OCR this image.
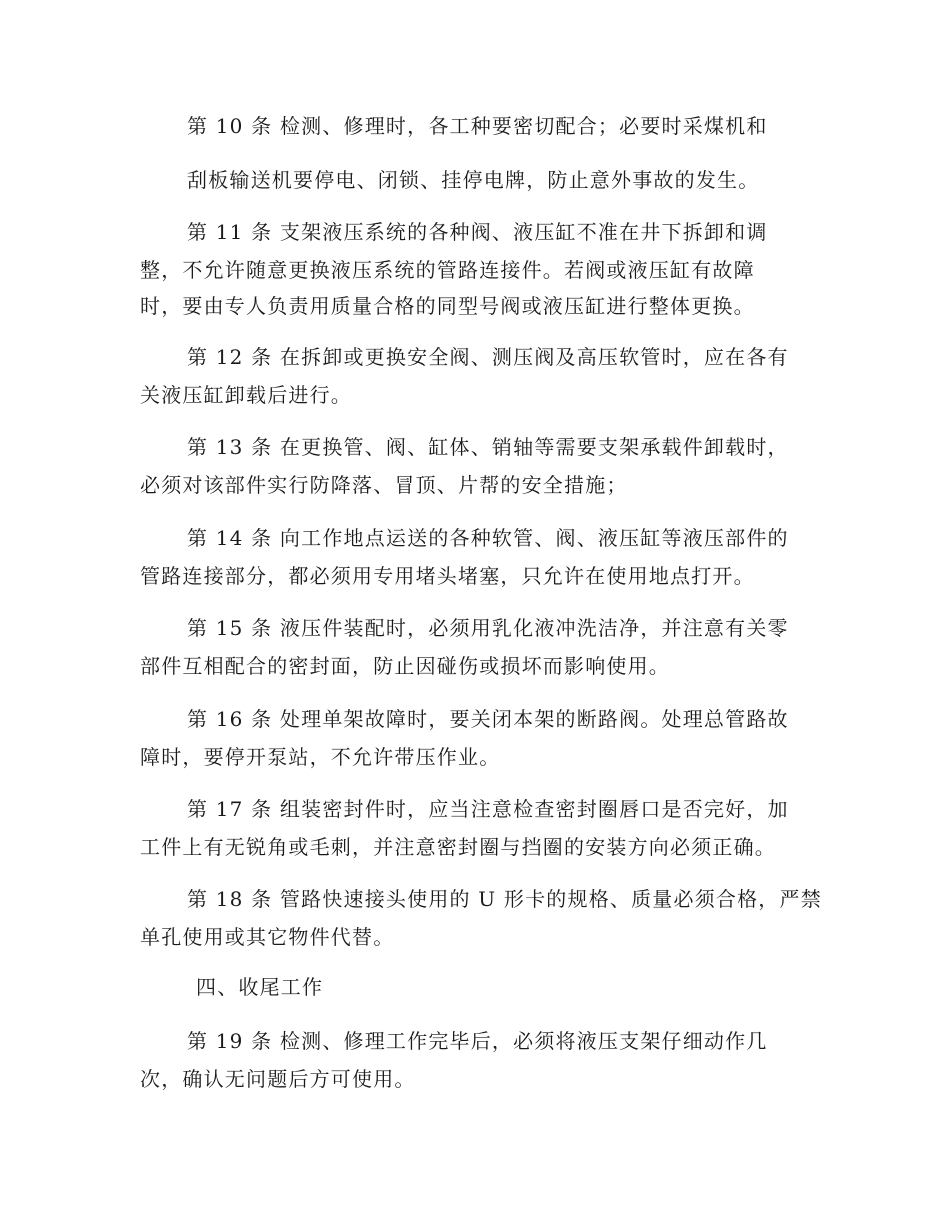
第 10 条 检测、修理时，各工种要密切配合；必要时采煤机和
刮板输送机要停电、闭锁、挂停电牌，防止意外事故的发生。
第 11 条 支架液压系统的各种阀、液压缸不准在井下拆卸和调
整，不允许随意更换液压系统的管路连接件。若阀或液压缸有故障
时，要由专人负责用质量合格的同型号阀或液压缸进行整体更换。
第 12 条 在拆卸或更换安全阀、测压阀及高压软管时，应在各有
关液压缸卸载后进行。
第 13 条 在更换管、阀、缸体、销轴等需要支架承载件卸载时，
必须对该部件实行防降落、冒顶、片帮的安全措施；
第 14 条 向工作地点运送的各种软管、阀、液压缸等液压部件的
管路连接部分，都必须用专用堵头堵塞，只允许在使用地点打开。
第 15 条 液压件装配时，必须用乳化液冲洗洁净，并注意有关零
部件互相配合的密封面，防止因碰伤或损坏而影响使用。
第 16 条 处理单架故障时，要关闭本架的断路阀。处理总管路故
障时，要停开泵站，不允许带压作业。
第 17 条 组装密封件时，应当注意检查密封圈唇口是否完好，加
工件上有无锐角或毛刺，并注意密封圈与挡圈的安装方向必须正确。
第 18 条 管路快速接头使用的 U 形卡的规格、质量必须合格，严禁
单孔使用或其它物件代替。
四、收尾工作
第 19 条 检测、修理工作完毕后，必须将液压支架仔细动作几
次，确认无问题后方可使用。
